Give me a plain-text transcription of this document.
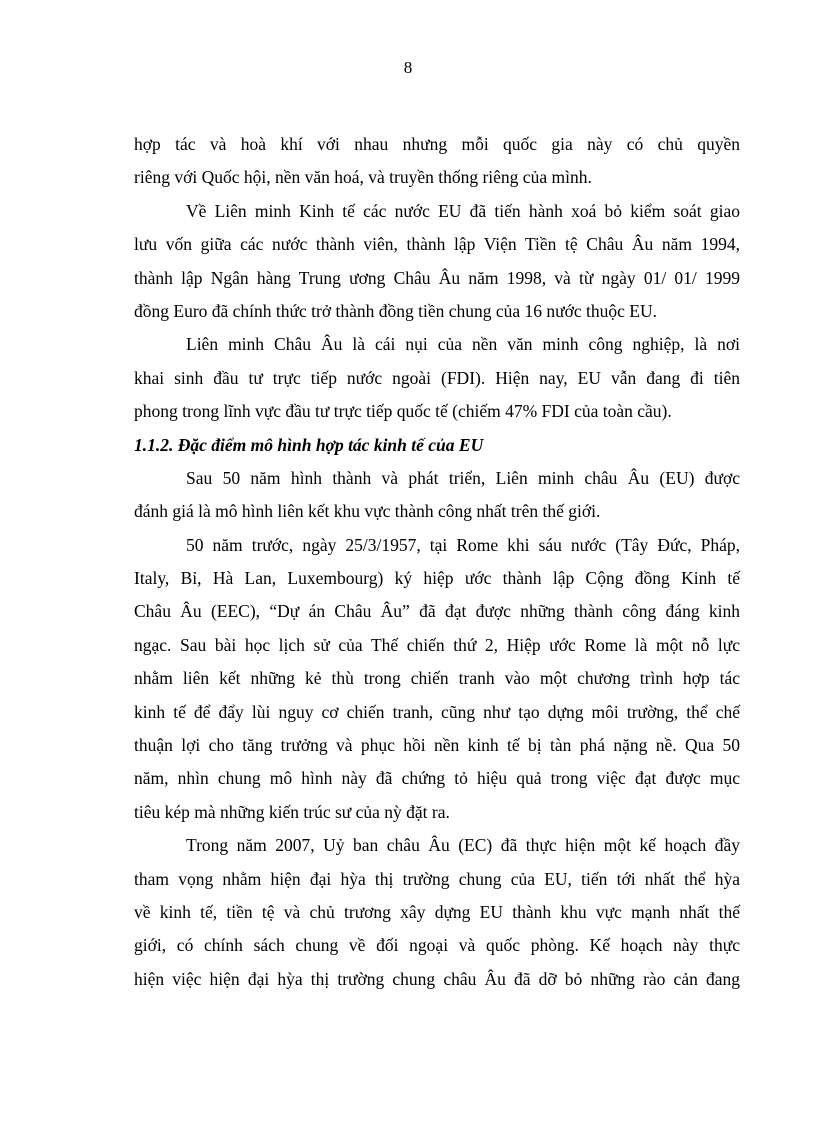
8
hợp tác và hoà khí với nhau nhưng mỗi quốc gia này có chủ quyền
riêng với Quốc hội, nền văn hoá, và truyền thống riêng của mình.
Về Liên minh Kinh tế các nước EU đã tiến hành xoá bỏ kiểm soát giao
lưu vốn giữa các nước thành viên, thành lập Viện Tiền tệ Châu Âu năm 1994,
thành lập Ngân hàng Trung ương Châu Âu năm 1998, và từ ngày 01/ 01/ 1999
đồng Euro đã chính thức trở thành đồng tiền chung của 16 nước thuộc EU.
Liên minh Châu Âu là cái nụi của nền văn minh công nghiệp, là nơi
khai sinh đầu tư trực tiếp nước ngoài (FDI). Hiện nay, EU vẫn đang đi tiên
phong trong lĩnh vực đầu tư trực tiếp quốc tế (chiếm 47% FDI của toàn cầu).
1.1.2. Đặc điểm mô hình hợp tác kinh tế của EU
Sau 50 năm hình thành và phát triển, Liên minh châu Âu (EU) được
đánh giá là mô hình liên kết khu vực thành công nhất trên thế giới.
50 năm trước, ngày 25/3/1957, tại Rome khi sáu nước (Tây Đức, Pháp,
Italy, Bỉ, Hà Lan, Luxembourg) ký hiệp ước thành lập Cộng đồng Kinh tế
Châu Âu (EEC), “Dự án Châu Âu” đã đạt được những thành công đáng kinh
ngạc. Sau bài học lịch sử của Thế chiến thứ 2, Hiệp ước Rome là một nỗ lực
nhằm liên kết những kẻ thù trong chiến tranh vào một chương trình hợp tác
kinh tế để đẩy lùi nguy cơ chiến tranh, cũng như tạo dựng môi trường, thể chế
thuận lợi cho tăng trưởng và phục hồi nền kinh tế bị tàn phá nặng nề. Qua 50
năm, nhìn chung mô hình này đã chứng tỏ hiệu quả trong việc đạt được mục
tiêu kép mà những kiến trúc sư của nỳ đặt ra.
Trong năm 2007, Uỷ ban châu Âu (EC) đã thực hiện một kế hoạch đầy
tham vọng nhằm hiện đại hỳa thị trường chung của EU, tiến tới nhất thể hỳa
về kinh tế, tiền tệ và chủ trương xây dựng EU thành khu vực mạnh nhất thế
giới, có chính sách chung về đối ngoại và quốc phòng. Kế hoạch này thực
hiện việc hiện đại hỳa thị trường chung châu Âu đã dỡ bỏ những rào cản đang
